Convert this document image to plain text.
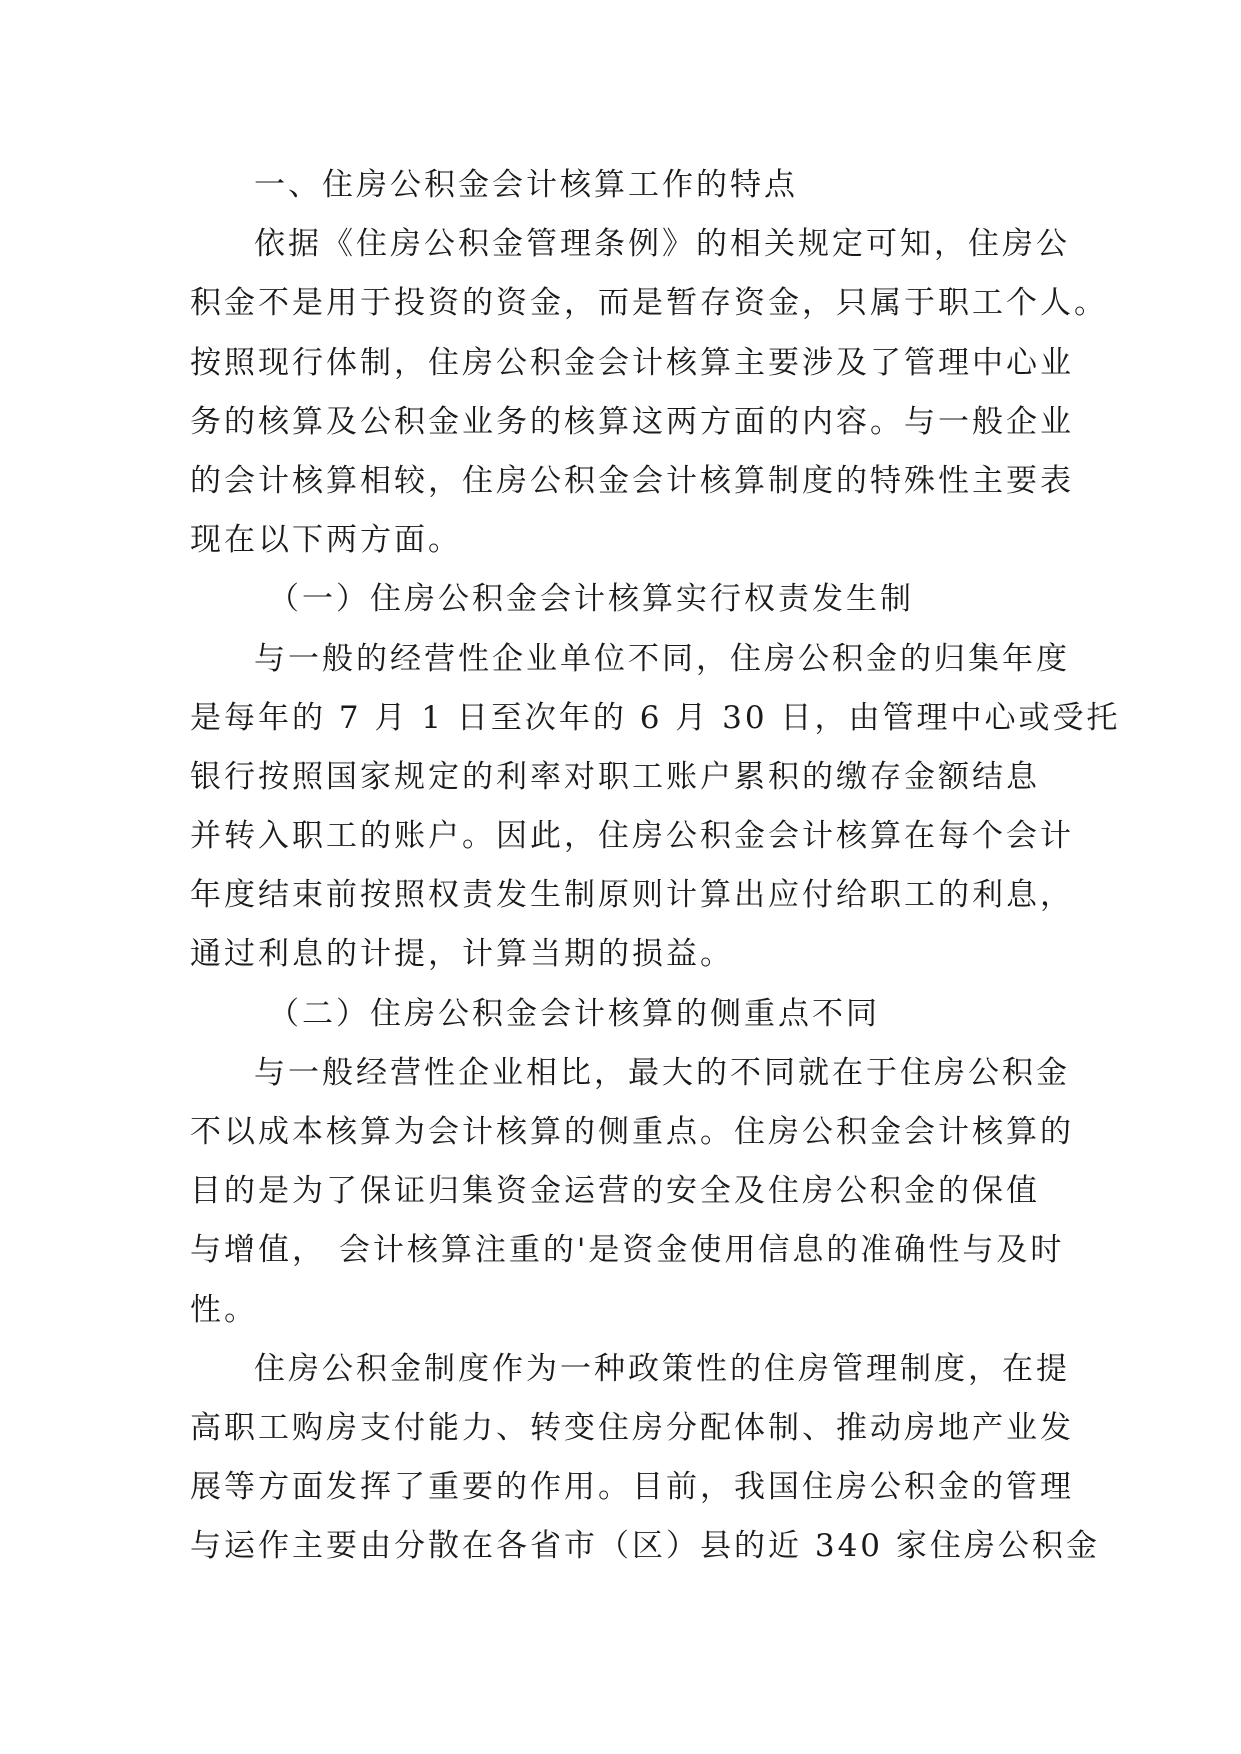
一、住房公积金会计核算工作的特点
依据《住房公积金管理条例》的相关规定可知，住房公
积金不是用于投资的资金，而是暂存资金，只属于职工个人。
按照现行体制，住房公积金会计核算主要涉及了管理中心业
务的核算及公积金业务的核算这两方面的内容。与一般企业
的会计核算相较，住房公积金会计核算制度的特殊性主要表
现在以下两方面。
（一）住房公积金会计核算实行权责发生制
与一般的经营性企业单位不同，住房公积金的归集年度
是每年的 7 月 1 日至次年的 6 月 30 日，由管理中心或受托
银行按照国家规定的利率对职工账户累积的缴存金额结息
并转入职工的账户。因此，住房公积金会计核算在每个会计
年度结束前按照权责发生制原则计算出应付给职工的利息，
通过利息的计提，计算当期的损益。
（二）住房公积金会计核算的侧重点不同
与一般经营性企业相比，最大的不同就在于住房公积金
不以成本核算为会计核算的侧重点。住房公积金会计核算的
目的是为了保证归集资金运营的安全及住房公积金的保值
与增值， 会计核算注重的'是资金使用信息的准确性与及时
性。
住房公积金制度作为一种政策性的住房管理制度，在提
高职工购房支付能力、转变住房分配体制、推动房地产业发
展等方面发挥了重要的作用。目前，我国住房公积金的管理
与运作主要由分散在各省市（区）县的近 340 家住房公积金
